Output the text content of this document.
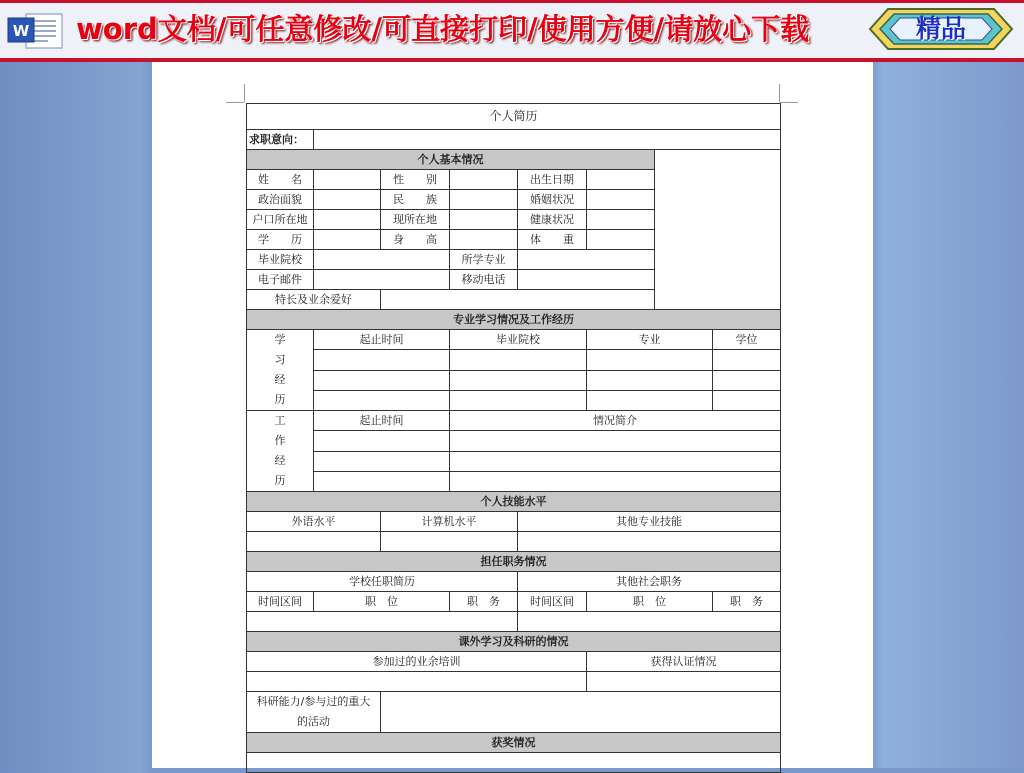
W word文档/可任意修改/可直接打印/使用方便/请放心下载	精品
个人简历							
求职意向：							
个人基本情况							
姓　　名		性　　别		出生日期			
政治面貌		民　　族		婚姻状况			
户口所在地		现所在地		健康状况			
学　　历		身　　高		体　　重			
毕业院校			所学专业				
电子邮件			移动电话				
特长及业余爱好							
专业学习情况及工作经历							

学
习
经
历	起止时间		毕业院校		专业		学位

工
作
经
历	起止时间		情况简介				

个人技能水平							
外语水平		计算机水平		其他专业技能			

担任职务情况							
学校任职简历				其他社会职务			
时间区间	职　位		职　务	时间区间	职　位		职　务

课外学习及科研的情况							
参加过的业余培训					获得认证情况		

科研能力/参与过的重大
的活动							

获奖情况							
